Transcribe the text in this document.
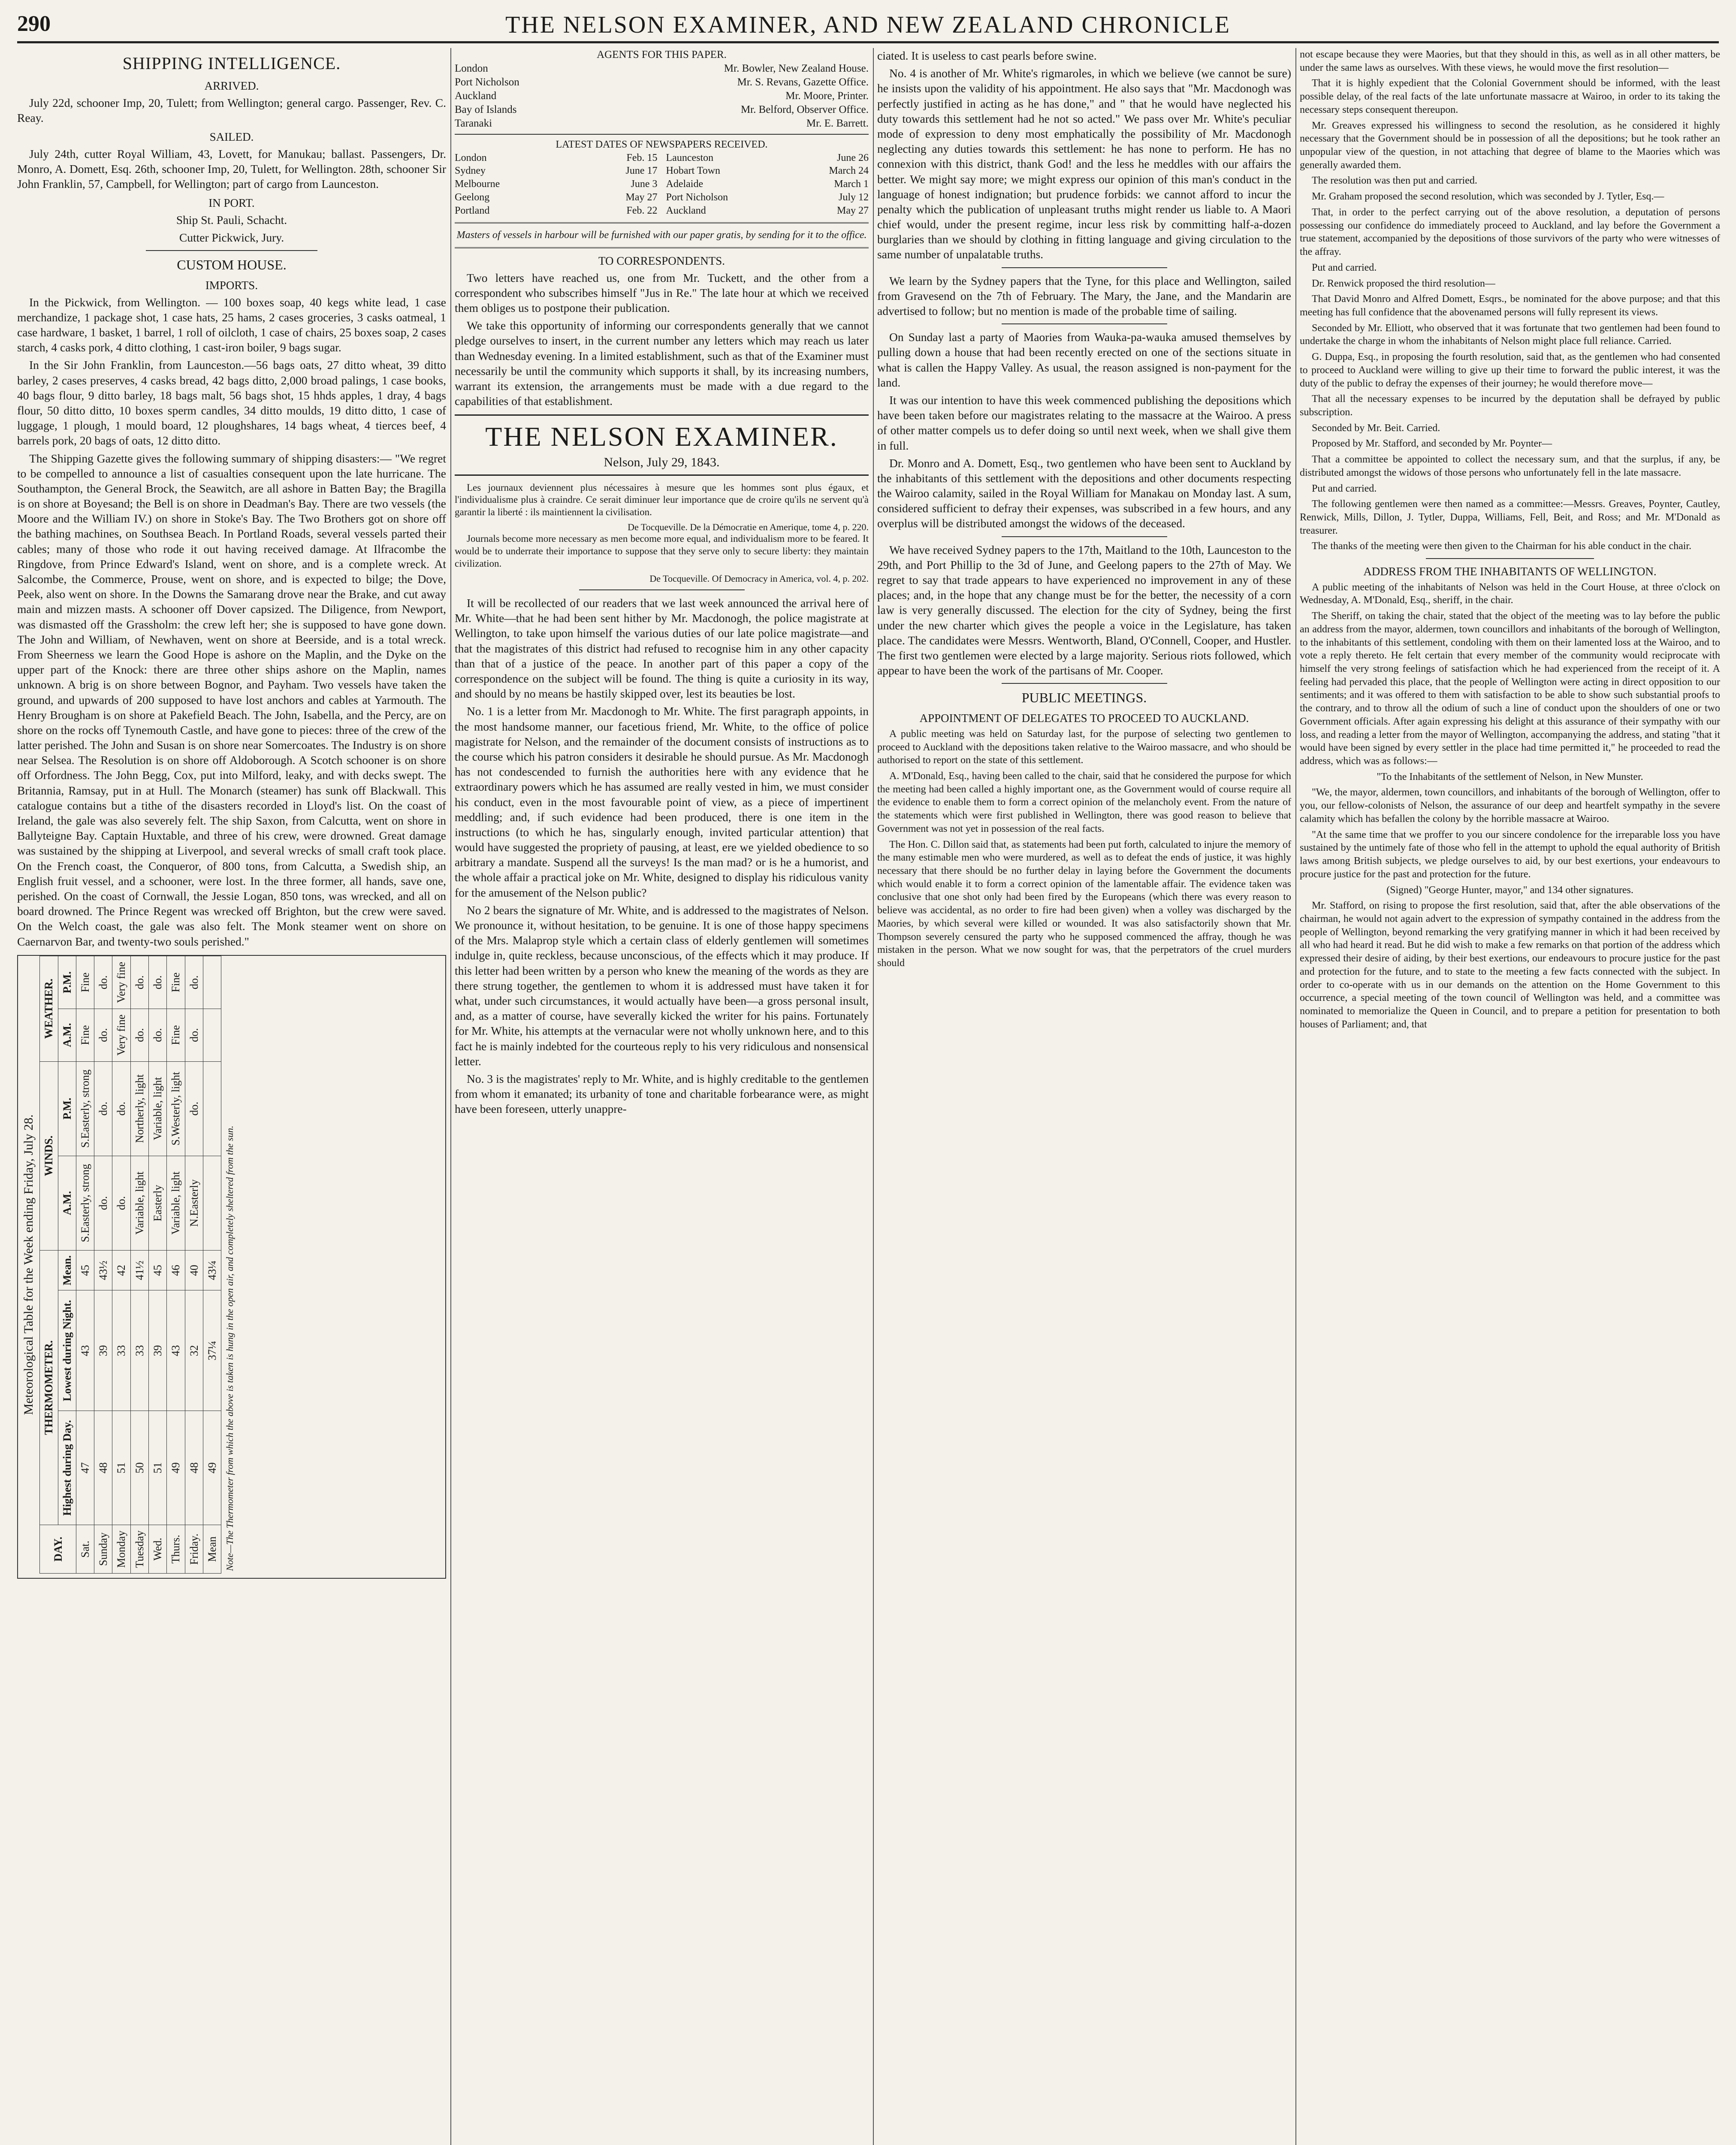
290	THE NELSON EXAMINER, AND NEW ZEALAND CHRONICLE
SHIPPING INTELLIGENCE.
ARRIVED.

July 22d, schooner Imp, 20, Tulett; from Wellington; general cargo. Passenger, Rev. C. Reay.

SAILED.

July 24th, cutter Royal William, 43, Lovett, for Manukau; ballast. Passengers, Dr. Monro, A. Domett, Esq. 26th, schooner Imp, 20, Tulett, for Wellington. 28th, schooner Sir John Franklin, 57, Campbell, for Wellington; part of cargo from Launceston.

IN PORT.

Ship St. Pauli, Schacht.

Cutter Pickwick, Jury.

CUSTOM HOUSE.
IMPORTS.

In the Pickwick, from Wellington. — 100 boxes soap, 40 kegs white lead, 1 case merchandize, 1 package shot, 1 case hats, 25 hams, 2 cases groceries, 3 casks oatmeal, 1 case hardware, 1 basket, 1 barrel, 1 roll of oilcloth, 1 case of chairs, 25 boxes soap, 2 cases starch, 4 casks pork, 4 ditto clothing, 1 cast-iron boiler, 9 bags sugar.

In the Sir John Franklin, from Launceston.—56 bags oats, 27 ditto wheat, 39 ditto barley, 2 cases preserves, 4 casks bread, 42 bags ditto, 2,000 broad palings, 1 case books, 40 bags flour, 9 ditto barley, 18 bags malt, 56 bags shot, 15 hhds apples, 1 dray, 4 bags flour, 50 ditto ditto, 10 boxes sperm candles, 34 ditto moulds, 19 ditto ditto, 1 case of luggage, 1 plough, 1 mould board, 12 ploughshares, 14 bags wheat, 4 tierces beef, 4 barrels pork, 20 bags of oats, 12 ditto ditto.

The Shipping Gazette gives the following summary of shipping disasters:— "We regret to be compelled to announce a list of casualties consequent upon the late hurricane. The Southampton, the General Brock, the Seawitch, are all ashore in Batten Bay; the Bragilla is on shore at Boyesand; the Bell is on shore in Deadman's Bay. There are two vessels (the Moore and the William IV.) on shore in Stoke's Bay. The Two Brothers got on shore off the bathing machines, on Southsea Beach. In Portland Roads, several vessels parted their cables; many of those who rode it out having received damage. At Ilfracombe the Ringdove, from Prince Edward's Island, went on shore, and is a complete wreck. At Salcombe, the Commerce, Prouse, went on shore, and is expected to bilge; the Dove, Peek, also went on shore. In the Downs the Samarang drove near the Brake, and cut away main and mizzen masts. A schooner off Dover capsized. The Diligence, from Newport, was dismasted off the Grassholm: the crew left her; she is supposed to have gone down. The John and William, of Newhaven, went on shore at Beerside, and is a total wreck. From Sheerness we learn the Good Hope is ashore on the Maplin, and the Dyke on the upper part of the Knock: there are three other ships ashore on the Maplin, names unknown. A brig is on shore between Bognor, and Payham. Two vessels have taken the ground, and upwards of 200 supposed to have lost anchors and cables at Yarmouth. The Henry Brougham is on shore at Pakefield Beach. The John, Isabella, and the Percy, are on shore on the rocks off Tynemouth Castle, and have gone to pieces: three of the crew of the latter perished. The John and Susan is on shore near Somercoates. The Industry is on shore near Selsea. The Resolution is on shore off Aldoborough. A Scotch schooner is on shore off Orfordness. The John Begg, Cox, put into Milford, leaky, and with decks swept. The Britannia, Ramsay, put in at Hull. The Monarch (steamer) has sunk off Blackwall. This catalogue contains but a tithe of the disasters recorded in Lloyd's list. On the coast of Ireland, the gale was also severely felt. The ship Saxon, from Calcutta, went on shore in Ballyteigne Bay. Captain Huxtable, and three of his crew, were drowned. Great damage was sustained by the shipping at Liverpool, and several wrecks of small craft took place. On the French coast, the Conqueror, of 800 tons, from Calcutta, a Swedish ship, an English fruit vessel, and a schooner, were lost. In the three former, all hands, save one, perished. On the coast of Cornwall, the Jessie Logan, 850 tons, was wrecked, and all on board drowned. The Prince Regent was wrecked off Brighton, but the crew were saved. On the Welch coast, the gale was also felt. The Monk steamer went on shore on Caernarvon Bar, and twenty-two souls perished."

Meteorological Table for the Week ending Friday, July 28.
DAY.	THERMOMETER.			WINDS.		WEATHER.	
	Highest during Day.	Lowest during Night.	Mean.	A.M.	P.M.	A.M.	P.M.
Sat.	47	43	45	S.Easterly, strong	S.Easterly, strong	Fine	Fine
Sunday	48	39	43½	do.	do.	do.	do.
Monday	51	33	42	do.	do.	Very fine	Very fine
Tuesday	50	33	41½	Variable, light	Northerly, light	do.	do.
Wed.	51	39	45	Easterly	Variable, light	do.	do.
Thurs.	49	43	46	Variable, light	S.Westerly, light	Fine	Fine
Friday.	48	32	40	N.Easterly	do.	do.	do.
Mean	49	37¼	43¼				Note—The Thermometer from which the above is taken is hung in the open air, and completely sheltered from the sun.
AGENTS FOR THIS PAPER.
London	Mr. Bowler, New Zealand House.
Port Nicholson	Mr. S. Revans, Gazette Office.
Auckland	Mr. Moore, Printer.
Bay of Islands	Mr. Belford, Observer Office.
Taranaki	Mr. E. Barrett.
LATEST DATES OF NEWSPAPERS RECEIVED.
London	Feb. 15 Launceston	June 26
Sydney	June 17 Hobart Town	March 24
Melbourne	June 3 Adelaide	March 1
Geelong	May 27 Port Nicholson	July 12
Portland	Feb. 22 Auckland	May 27

Masters of vessels in harbour will be furnished with our paper gratis, by sending for it to the office.

TO CORRESPONDENTS.

Two letters have reached us, one from Mr. Tuckett, and the other from a correspondent who subscribes himself "Jus in Re." The late hour at which we received them obliges us to postpone their publication.

We take this opportunity of informing our correspondents generally that we cannot pledge ourselves to insert, in the current number any letters which may reach us later than Wednesday evening. In a limited establishment, such as that of the Examiner must necessarily be until the community which supports it shall, by its increasing numbers, warrant its extension, the arrangements must be made with a due regard to the capabilities of that establishment.

THE NELSON EXAMINER.
Nelson, July 29, 1843.

Les journaux deviennent plus nécessaires à mesure que les hommes sont plus égaux, et l'individualisme plus à craindre. Ce serait diminuer leur importance que de croire qu'ils ne servent qu'à garantir la liberté : ils maintiennent la civilisation.

De Tocqueville. De la Démocratie en Amerique, tome 4, p. 220.

Journals become more necessary as men become more equal, and individualism more to be feared. It would be to underrate their importance to suppose that they serve only to secure liberty: they maintain civilization.

De Tocqueville. Of Democracy in America, vol. 4, p. 202.

It will be recollected of our readers that we last week announced the arrival here of Mr. White—that he had been sent hither by Mr. Macdonogh, the police magistrate at Wellington, to take upon himself the various duties of our late police magistrate—and that the magistrates of this district had refused to recognise him in any other capacity than that of a justice of the peace. In another part of this paper a copy of the correspondence on the subject will be found. The thing is quite a curiosity in its way, and should by no means be hastily skipped over, lest its beauties be lost.

No. 1 is a letter from Mr. Macdonogh to Mr. White. The first paragraph appoints, in the most handsome manner, our facetious friend, Mr. White, to the office of police magistrate for Nelson, and the remainder of the document consists of instructions as to the course which his patron considers it desirable he should pursue. As Mr. Macdonogh has not condescended to furnish the authorities here with any evidence that he extraordinary powers which he has assumed are really vested in him, we must consider his conduct, even in the most favourable point of view, as a piece of impertinent meddling; and, if such evidence had been produced, there is one item in the instructions (to which he has, singularly enough, invited particular attention) that would have suggested the propriety of pausing, at least, ere we yielded obedience to so arbitrary a mandate. Suspend all the surveys! Is the man mad? or is he a humorist, and the whole affair a practical joke on Mr. White, designed to display his ridiculous vanity for the amusement of the Nelson public?

No 2 bears the signature of Mr. White, and is addressed to the magistrates of Nelson. We pronounce it, without hesitation, to be genuine. It is one of those happy specimens of the Mrs. Malaprop style which a certain class of elderly gentlemen will sometimes indulge in, quite reckless, because unconscious, of the effects which it may produce. If this letter had been written by a person who knew the meaning of the words as they are there strung together, the gentlemen to whom it is addressed must have taken it for what, under such circumstances, it would actually have been—a gross personal insult, and, as a matter of course, have severally kicked the writer for his pains. Fortunately for Mr. White, his attempts at the vernacular were not wholly unknown here, and to this fact he is mainly indebted for the courteous reply to his very ridiculous and nonsensical letter.

No. 3 is the magistrates' reply to Mr. White, and is highly creditable to the gentlemen from whom it emanated; its urbanity of tone and charitable forbearance were, as might have been foreseen, utterly unappre-

ciated. It is useless to cast pearls before swine.

No. 4 is another of Mr. White's rigmaroles, in which we believe (we cannot be sure) he insists upon the validity of his appointment. He also says that "Mr. Macdonogh was perfectly justified in acting as he has done," and " that he would have neglected his duty towards this settlement had he not so acted." We pass over Mr. White's peculiar mode of expression to deny most emphatically the possibility of Mr. Macdonogh neglecting any duties towards this settlement: he has none to perform. He has no connexion with this district, thank God! and the less he meddles with our affairs the better. We might say more; we might express our opinion of this man's conduct in the language of honest indignation; but prudence forbids: we cannot afford to incur the penalty which the publication of unpleasant truths might render us liable to. A Maori chief would, under the present regime, incur less risk by committing half-a-dozen burglaries than we should by clothing in fitting language and giving circulation to the same number of unpalatable truths.

We learn by the Sydney papers that the Tyne, for this place and Wellington, sailed from Gravesend on the 7th of February. The Mary, the Jane, and the Mandarin are advertised to follow; but no mention is made of the probable time of sailing.

On Sunday last a party of Maories from Wauka-pa-wauka amused themselves by pulling down a house that had been recently erected on one of the sections situate in what is callen the Happy Valley. As usual, the reason assigned is non-payment for the land.

It was our intention to have this week commenced publishing the depositions which have been taken before our magistrates relating to the massacre at the Wairoo. A press of other matter compels us to defer doing so until next week, when we shall give them in full.

Dr. Monro and A. Domett, Esq., two gentlemen who have been sent to Auckland by the inhabitants of this settlement with the depositions and other documents respecting the Wairoo calamity, sailed in the Royal William for Manakau on Monday last. A sum, considered sufficient to defray their expenses, was subscribed in a few hours, and any overplus will be distributed amongst the widows of the deceased.

We have received Sydney papers to the 17th, Maitland to the 10th, Launceston to the 29th, and Port Phillip to the 3d of June, and Geelong papers to the 27th of May. We regret to say that trade appears to have experienced no improvement in any of these places; and, in the hope that any change must be for the better, the necessity of a corn law is very generally discussed. The election for the city of Sydney, being the first under the new charter which gives the people a voice in the Legislature, has taken place. The candidates were Messrs. Wentworth, Bland, O'Connell, Cooper, and Hustler. The first two gentlemen were elected by a large majority. Serious riots followed, which appear to have been the work of the partisans of Mr. Cooper.

PUBLIC MEETINGS.
APPOINTMENT OF DELEGATES TO PROCEED TO AUCKLAND.

A public meeting was held on Saturday last, for the purpose of selecting two gentlemen to proceed to Auckland with the depositions taken relative to the Wairoo massacre, and who should be authorised to report on the state of this settlement.

A. M'Donald, Esq., having been called to the chair, said that he considered the purpose for which the meeting had been called a highly important one, as the Government would of course require all the evidence to enable them to form a correct opinion of the melancholy event. From the nature of the statements which were first published in Wellington, there was good reason to believe that Government was not yet in possession of the real facts.

The Hon. C. Dillon said that, as statements had been put forth, calculated to injure the memory of the many estimable men who were murdered, as well as to defeat the ends of justice, it was highly necessary that there should be no further delay in laying before the Government the documents which would enable it to form a correct opinion of the lamentable affair. The evidence taken was conclusive that one shot only had been fired by the Europeans (which there was every reason to believe was accidental, as no order to fire had been given) when a volley was discharged by the Maories, by which several were killed or wounded. It was also satisfactorily shown that Mr. Thompson severely censured the party who he supposed commenced the affray, though he was mistaken in the person. What we now sought for was, that the perpetrators of the cruel murders should

not escape because they were Maories, but that they should in this, as well as in all other matters, be under the same laws as ourselves. With these views, he would move the first resolution—

That it is highly expedient that the Colonial Government should be informed, with the least possible delay, of the real facts of the late unfortunate massacre at Wairoo, in order to its taking the necessary steps consequent thereupon.

Mr. Greaves expressed his willingness to second the resolution, as he considered it highly necessary that the Government should be in possession of all the depositions; but he took rather an unpopular view of the question, in not attaching that degree of blame to the Maories which was generally awarded them.

The resolution was then put and carried.

Mr. Graham proposed the second resolution, which was seconded by J. Tytler, Esq.—

That, in order to the perfect carrying out of the above resolution, a deputation of persons possessing our confidence do immediately proceed to Auckland, and lay before the Government a true statement, accompanied by the depositions of those survivors of the party who were witnesses of the affray.

Put and carried.

Dr. Renwick proposed the third resolution—

That David Monro and Alfred Domett, Esqrs., be nominated for the above purpose; and that this meeting has full confidence that the abovenamed persons will fully represent its views.

Seconded by Mr. Elliott, who observed that it was fortunate that two gentlemen had been found to undertake the charge in whom the inhabitants of Nelson might place full reliance. Carried.

G. Duppa, Esq., in proposing the fourth resolution, said that, as the gentlemen who had consented to proceed to Auckland were willing to give up their time to forward the public interest, it was the duty of the public to defray the expenses of their journey; he would therefore move—

That all the necessary expenses to be incurred by the deputation shall be defrayed by public subscription.

Seconded by Mr. Beit. Carried.

Proposed by Mr. Stafford, and seconded by Mr. Poynter—

That a committee be appointed to collect the necessary sum, and that the surplus, if any, be distributed amongst the widows of those persons who unfortunately fell in the late massacre.

Put and carried.

The following gentlemen were then named as a committee:—Messrs. Greaves, Poynter, Cautley, Renwick, Mills, Dillon, J. Tytler, Duppa, Williams, Fell, Beit, and Ross; and Mr. M'Donald as treasurer.

The thanks of the meeting were then given to the Chairman for his able conduct in the chair.

ADDRESS FROM THE INHABITANTS OF WELLINGTON.

A public meeting of the inhabitants of Nelson was held in the Court House, at three o'clock on Wednesday, A. M'Donald, Esq., sheriff, in the chair.

The Sheriff, on taking the chair, stated that the object of the meeting was to lay before the public an address from the mayor, aldermen, town councillors and inhabitants of the borough of Wellington, to the inhabitants of this settlement, condoling with them on their lamented loss at the Wairoo, and to vote a reply thereto. He felt certain that every member of the community would reciprocate with himself the very strong feelings of satisfaction which he had experienced from the receipt of it. A feeling had pervaded this place, that the people of Wellington were acting in direct opposition to our sentiments; and it was offered to them with satisfaction to be able to show such substantial proofs to the contrary, and to throw all the odium of such a line of conduct upon the shoulders of one or two Government officials. After again expressing his delight at this assurance of their sympathy with our loss, and reading a letter from the mayor of Wellington, accompanying the address, and stating "that it would have been signed by every settler in the place had time permitted it," he proceeded to read the address, which was as follows:—

"To the Inhabitants of the settlement of Nelson, in New Munster.

"We, the mayor, aldermen, town councillors, and inhabitants of the borough of Wellington, offer to you, our fellow-colonists of Nelson, the assurance of our deep and heartfelt sympathy in the severe calamity which has befallen the colony by the horrible massacre at Wairoo.

"At the same time that we proffer to you our sincere condolence for the irreparable loss you have sustained by the untimely fate of those who fell in the attempt to uphold the equal authority of British laws among British subjects, we pledge ourselves to aid, by our best exertions, your endeavours to procure justice for the past and protection for the future.

(Signed) "George Hunter, mayor," and 134 other signatures.

Mr. Stafford, on rising to propose the first resolution, said that, after the able observations of the chairman, he would not again advert to the expression of sympathy contained in the address from the people of Wellington, beyond remarking the very gratifying manner in which it had been received by all who had heard it read. But he did wish to make a few remarks on that portion of the address which expressed their desire of aiding, by their best exertions, our endeavours to procure justice for the past and protection for the future, and to state to the meeting a few facts connected with the subject. In order to co-operate with us in our demands on the attention on the Home Government to this occurrence, a special meeting of the town council of Wellington was held, and a committee was nominated to memorialize the Queen in Council, and to prepare a petition for presentation to both houses of Parliament; and, that
